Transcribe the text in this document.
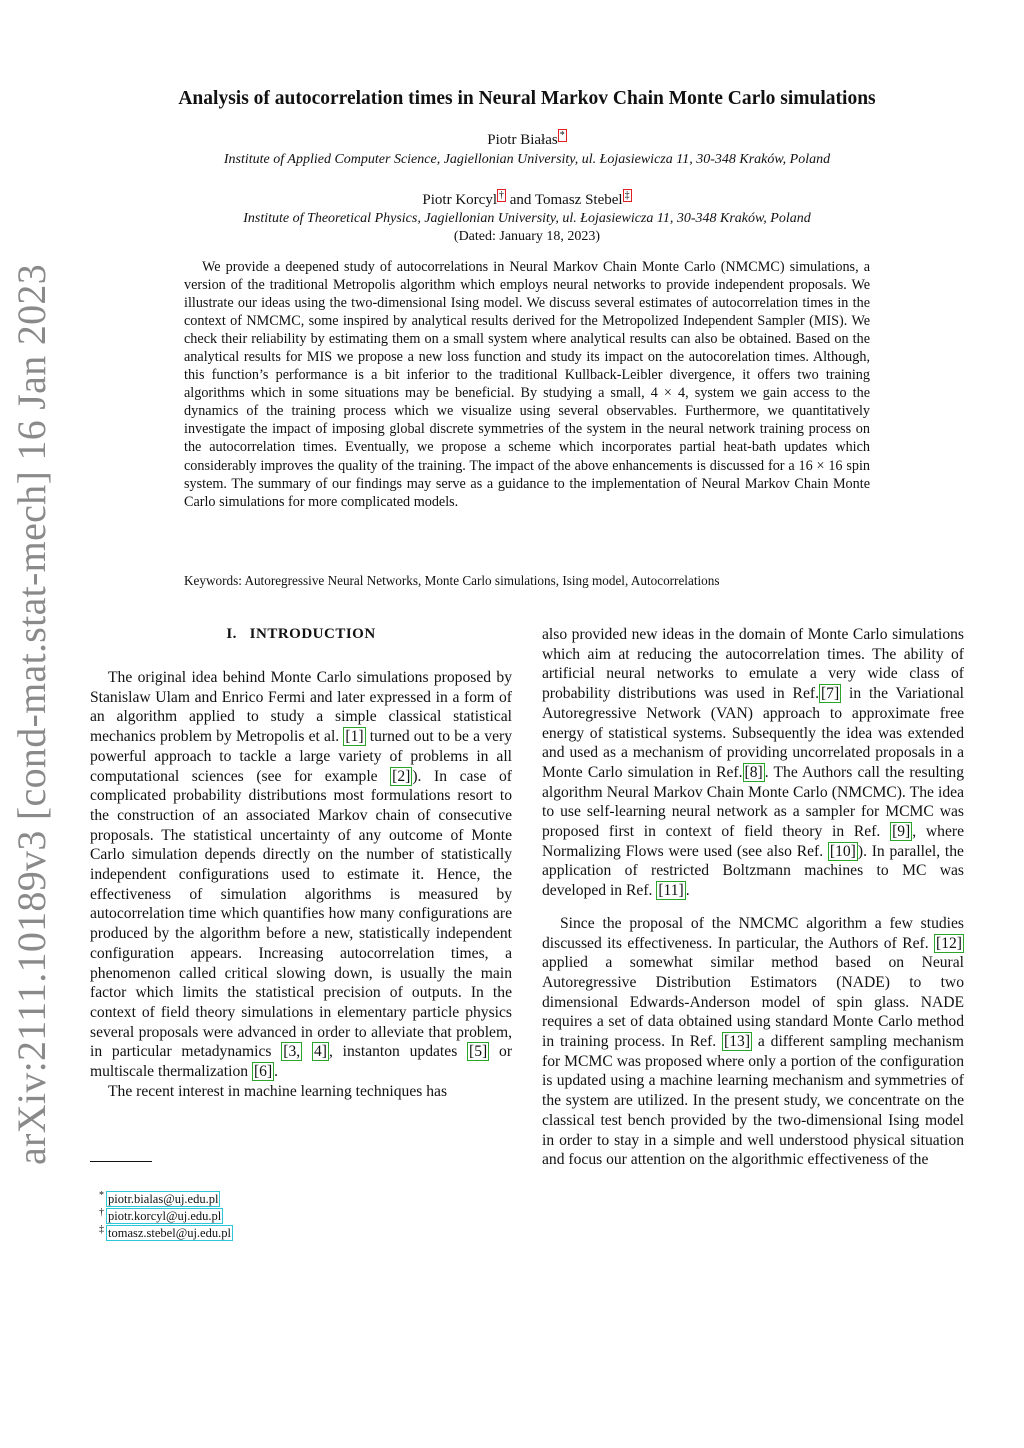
arXiv:2111.10189v3 [cond-mat.stat-mech] 16 Jan 2023
Analysis of autocorrelation times in Neural Markov Chain Monte Carlo simulations
Piotr Białas *
Institute of Applied Computer Science, Jagiellonian University, ul. Łojasiewicza 11, 30-348 Kraków, Poland
Piotr Korcyl † and Tomasz Stebel ‡
Institute of Theoretical Physics, Jagiellonian University, ul. Łojasiewicza 11, 30-348 Kraków, Poland
(Dated: January 18, 2023)
We provide a deepened study of autocorrelations in Neural Markov Chain Monte Carlo (NMCMC) simulations, a version of the traditional Metropolis algorithm which employs neural networks to provide independent proposals. We illustrate our ideas using the two-dimensional Ising model. We discuss several estimates of autocorrelation times in the context of NMCMC, some inspired by analytical results derived for the Metropolized Independent Sampler (MIS). We check their reliability by estimating them on a small system where analytical results can also be obtained. Based on the analytical results for MIS we propose a new loss function and study its impact on the autocorelation times. Although, this function’s performance is a bit inferior to the traditional Kullback-Leibler divergence, it offers two training algorithms which in some situations may be beneficial. By studying a small, 4 × 4, system we gain access to the dynamics of the training process which we visualize using several observables. Furthermore, we quantitatively investigate the impact of imposing global discrete symmetries of the system in the neural network training process on the autocorrelation times. Eventually, we propose a scheme which incorporates partial heat-bath updates which considerably improves the quality of the training. The impact of the above enhancements is discussed for a 16 × 16 spin system. The summary of our findings may serve as a guidance to the implementation of Neural Markov Chain Monte Carlo simulations for more complicated models.
Keywords: Autoregressive Neural Networks, Monte Carlo simulations, Ising model, Autocorrelations
I. INTRODUCTION

The original idea behind Monte Carlo simulations proposed by Stanislaw Ulam and Enrico Fermi and later expressed in a form of an algorithm applied to study a simple classical statistical mechanics problem by Metropolis et al. [1] turned out to be a very powerful approach to tackle a large variety of problems in all computational sciences (see for example [2] ). In case of complicated probability distributions most formulations resort to the construction of an associated Markov chain of consecutive proposals. The statistical uncertainty of any outcome of Monte Carlo simulation depends directly on the number of statistically independent configurations used to estimate it. Hence, the effectiveness of simulation algorithms is measured by autocorrelation time which quantifies how many configurations are produced by the algorithm before a new, statistically independent configuration appears. Increasing autocorrelation times, a phenomenon called critical slowing down, is usually the main factor which limits the statistical precision of outputs. In the context of field theory simulations in elementary particle physics several proposals were advanced in order to alleviate that problem, in particular metadynamics [3, 4] , instanton updates [5] or multiscale thermalization [6] .

The recent interest in machine learning techniques has

also provided new ideas in the domain of Monte Carlo simulations which aim at reducing the autocorrelation times. The ability of artificial neural networks to emulate a very wide class of probability distributions was used in Ref. [7] in the Variational Autoregressive Network (VAN) approach to approximate free energy of statistical systems. Subsequently the idea was extended and used as a mechanism of providing uncorrelated proposals in a Monte Carlo simulation in Ref. [8] . The Authors call the resulting algorithm Neural Markov Chain Monte Carlo (NMCMC). The idea to use self-learning neural network as a sampler for MCMC was proposed first in context of field theory in Ref. [9] , where Normalizing Flows were used (see also Ref. [10] ). In parallel, the application of restricted Boltzmann machines to MC was developed in Ref. [11] .

Since the proposal of the NMCMC algorithm a few studies discussed its effectiveness. In particular, the Authors of Ref. [12] applied a somewhat similar method based on Neural Autoregressive Distribution Estimators (NADE) to two dimensional Edwards-Anderson model of spin glass. NADE requires a set of data obtained using standard Monte Carlo method in training process. In Ref. [13] a different sampling mechanism for MCMC was proposed where only a portion of the configuration is updated using a machine learning mechanism and symmetries of the system are utilized. In the present study, we concentrate on the classical test bench provided by the two-dimensional Ising model in order to stay in a simple and well understood physical situation and focus our attention on the algorithmic effectiveness of the

* piotr.bialas@uj.edu.pl
† piotr.korcyl@uj.edu.pl
‡ tomasz.stebel@uj.edu.pl
